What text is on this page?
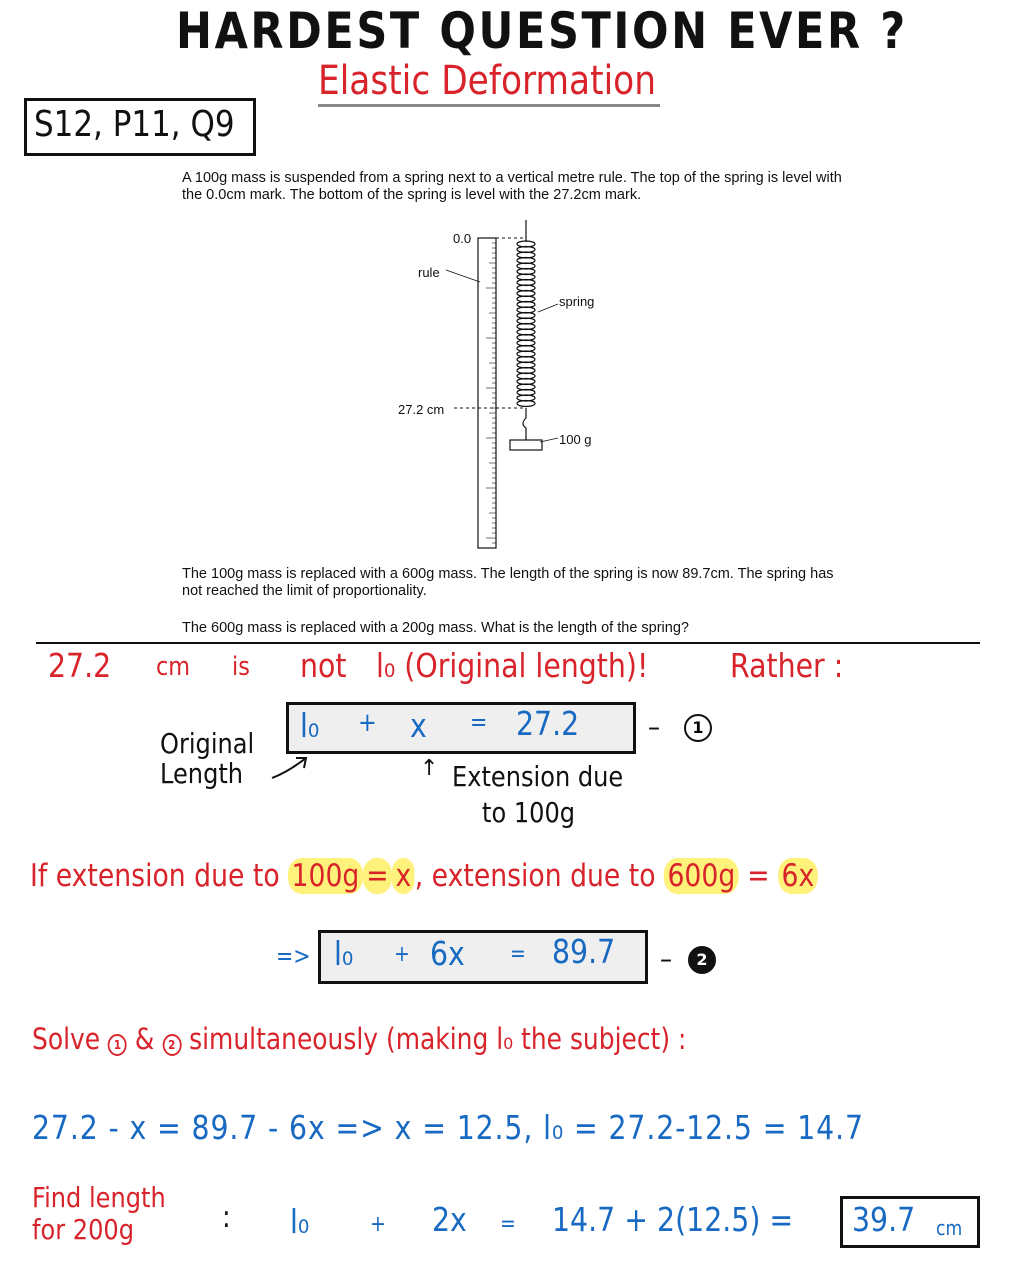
HARDEST QUESTION EVER ?
Elastic Deformation
S12, P11, Q9
A 100g mass is suspended from a spring next to a vertical metre rule. The top of the spring is level with the 0.0cm mark. The bottom of the spring is level with the 27.2cm mark.
0.0
rule
spring
27.2 cm
100 g
The 100g mass is replaced with a 600g mass. The length of the spring is now 89.7cm. The spring has not reached the limit of proportionality.
The 600g mass is replaced with a 200g mass. What is the length of the spring?
27.2 cm is not l₀ (Original length)! Rather :
l₀ + x = 27.2 –	1
Original
Length	↑ Extension due
to 100g
If extension due to 100g = x , extension due to 600g = 6x
=> l₀ + 6x = 89.7 –	2
Solve 1 & 2 simultaneously (making l₀ the subject) :
27.2 - x = 89.7 - 6x => x = 12.5, l₀ = 27.2-12.5 = 14.7
Find length
for 200g	: l₀	+ 2x = 14.7 + 2(12.5) = 39.7 cm
